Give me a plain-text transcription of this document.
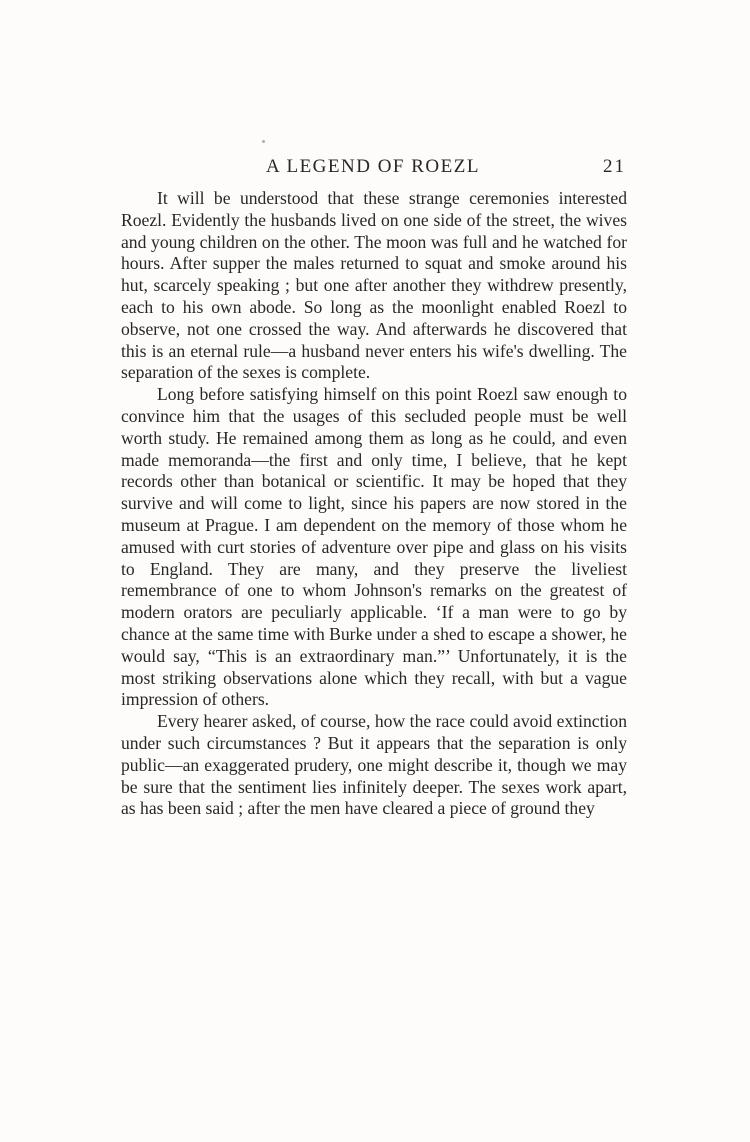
A LEGEND OF ROEZL	21

It will be understood that these strange ceremonies interested Roezl. Evidently the husbands lived on one side of the street, the wives and young children on the other. The moon was full and he watched for hours. After supper the males returned to squat and smoke around his hut, scarcely speaking ; but one after another they withdrew presently, each to his own abode. So long as the moonlight enabled Roezl to observe, not one crossed the way. And afterwards he discovered that this is an eternal rule—a husband never enters his wife's dwelling. The separation of the sexes is complete.

Long before satisfying himself on this point Roezl saw enough to convince him that the usages of this secluded people must be well worth study. He remained among them as long as he could, and even made memoranda—the first and only time, I believe, that he kept records other than botanical or scientific. It may be hoped that they survive and will come to light, since his papers are now stored in the museum at Prague. I am dependent on the memory of those whom he amused with curt stories of adventure over pipe and glass on his visits to England. They are many, and they preserve the liveliest remembrance of one to whom Johnson's remarks on the greatest of modern orators are peculiarly applicable. ‘If a man were to go by chance at the same time with Burke under a shed to escape a shower, he would say, “This is an extraordinary man.”’ Unfortunately, it is the most striking observations alone which they recall, with but a vague impression of others.

Every hearer asked, of course, how the race could avoid extinction under such circumstances ? But it appears that the separation is only public—an exaggerated prudery, one might describe it, though we may be sure that the sentiment lies infinitely deeper. The sexes work apart, as has been said ; after the men have cleared a piece of ground they
